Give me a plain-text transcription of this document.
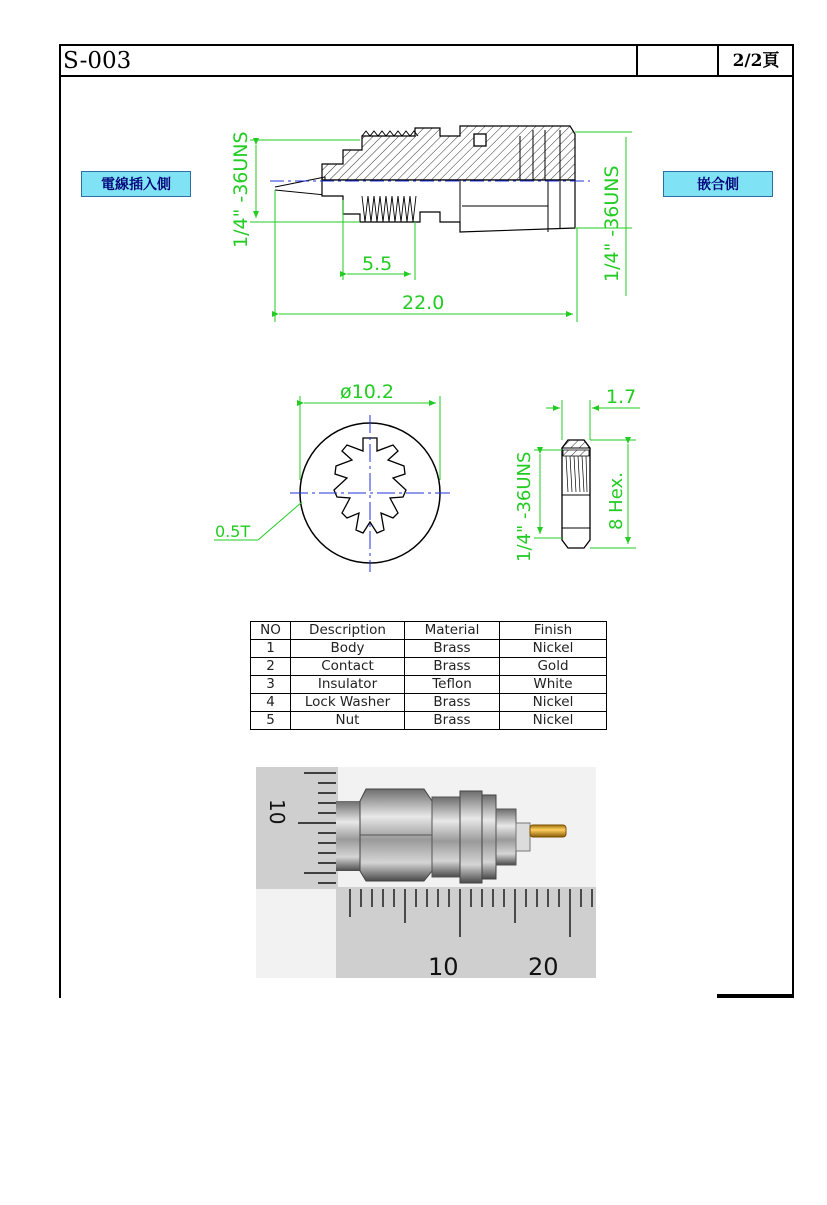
S-003	2/2頁
電線插入側	嵌合側
1/4" -36UNS	1/4" -36UNS
5.5
22.0
ø10.2
0.5T
1.7
1/4" -36UNS	8 Hex.
NO	Description	Material	Finish
1	Body	Brass	Nickel
2	Contact	Brass	Gold
3	Insulator	Teflon	White
4	Lock Washer	Brass	Nickel
5	Nut	Brass	Nickel
10
10	20
